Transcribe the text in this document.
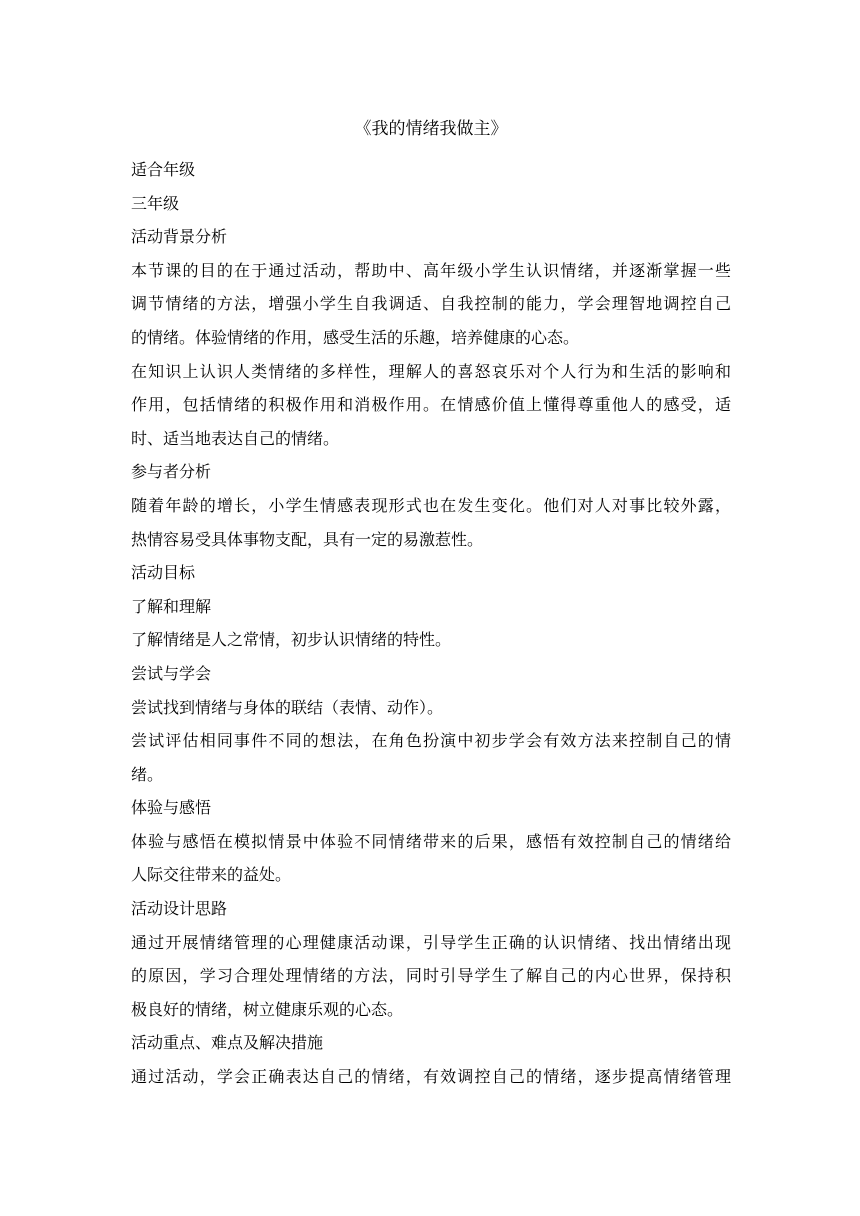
《我的情绪我做主》
适合年级
三年级
活动背景分析
本节课的目的在于通过活动，帮助中、高年级小学生认识情绪，并逐渐掌握一些
调节情绪的方法，增强小学生自我调适、自我控制的能力，学会理智地调控自己
的情绪。体验情绪的作用，感受生活的乐趣，培养健康的心态。
在知识上认识人类情绪的多样性，理解人的喜怒哀乐对个人行为和生活的影响和
作用，包括情绪的积极作用和消极作用。在情感价值上懂得尊重他人的感受，适
时、适当地表达自己的情绪。
参与者分析
随着年龄的增长，小学生情感表现形式也在发生变化。他们对人对事比较外露，
热情容易受具体事物支配，具有一定的易激惹性。
活动目标
了解和理解
了解情绪是人之常情，初步认识情绪的特性。
尝试与学会
尝试找到情绪与身体的联结（表情、动作）。
尝试评估相同事件不同的想法，在角色扮演中初步学会有效方法来控制自己的情
绪。
体验与感悟
体验与感悟在模拟情景中体验不同情绪带来的后果，感悟有效控制自己的情绪给
人际交往带来的益处。
活动设计思路
通过开展情绪管理的心理健康活动课，引导学生正确的认识情绪、找出情绪出现
的原因，学习合理处理情绪的方法，同时引导学生了解自己的内心世界，保持积
极良好的情绪，树立健康乐观的心态。
活动重点、难点及解决措施
通过活动，学会正确表达自己的情绪，有效调控自己的情绪，逐步提高情绪管理
